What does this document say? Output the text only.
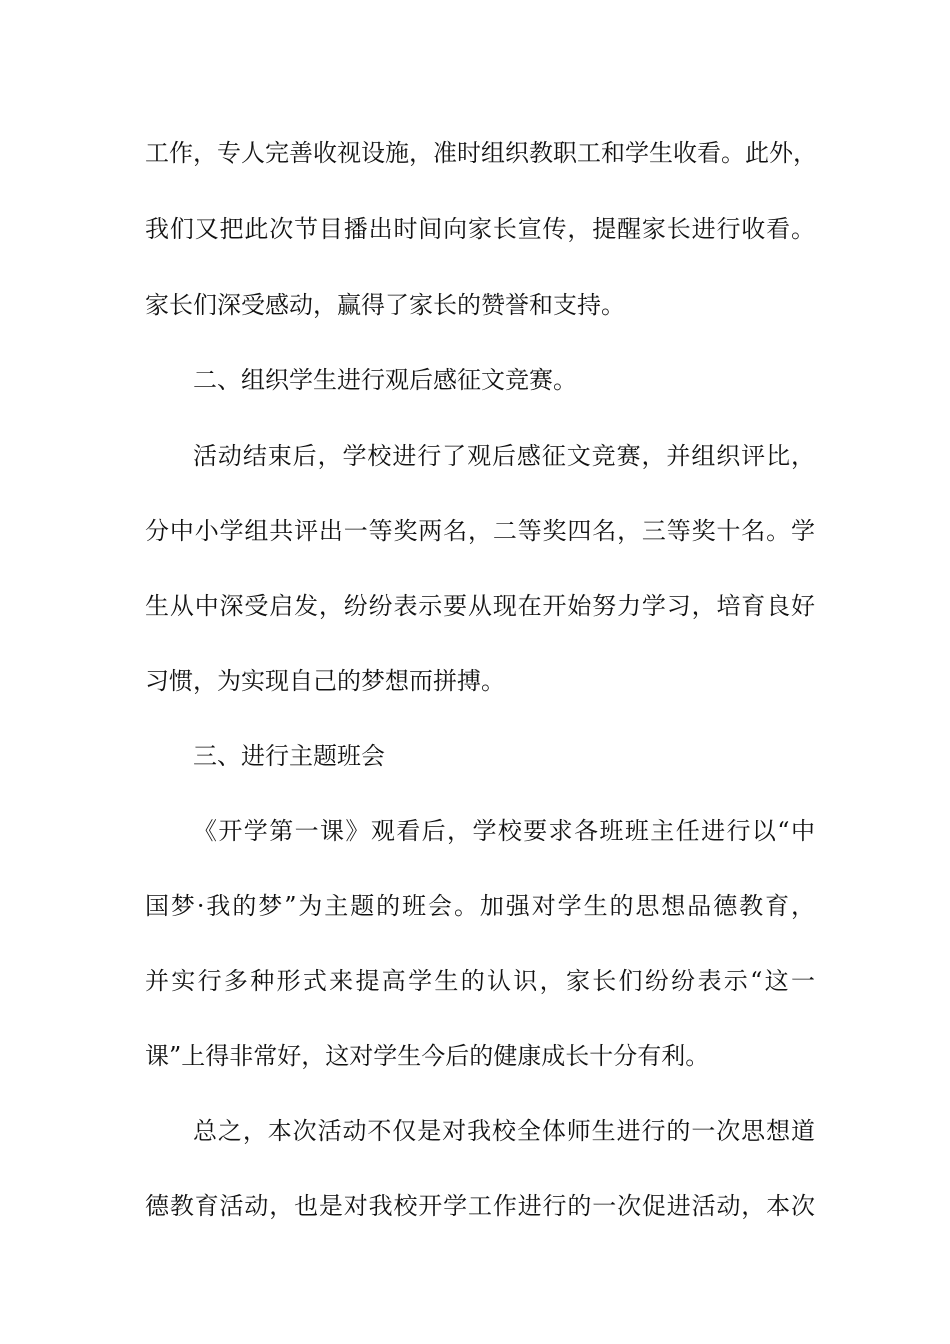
工作，专人完善收视设施，准时组织教职工和学生收看。此外，
我们又把此次节目播出时间向家长宣传，提醒家长进行收看。
家长们深受感动，赢得了家长的赞誉和支持。
二、组织学生进行观后感征文竞赛。
活动结束后，学校进行了观后感征文竞赛，并组织评比，
分中小学组共评出一等奖两名，二等奖四名，三等奖十名。学
生从中深受启发，纷纷表示要从现在开始努力学习，培育良好
习惯，为实现自己的梦想而拼搏。
三、进行主题班会
《开学第一课》观看后，学校要求各班班主任进行以“中
国梦·我的梦”为主题的班会。加强对学生的思想品德教育，
并实行多种形式来提高学生的认识，家长们纷纷表示“这一
课”上得非常好，这对学生今后的健康成长十分有利。
总之，本次活动不仅是对我校全体师生进行的一次思想道
德教育活动，也是对我校开学工作进行的一次促进活动，本次
